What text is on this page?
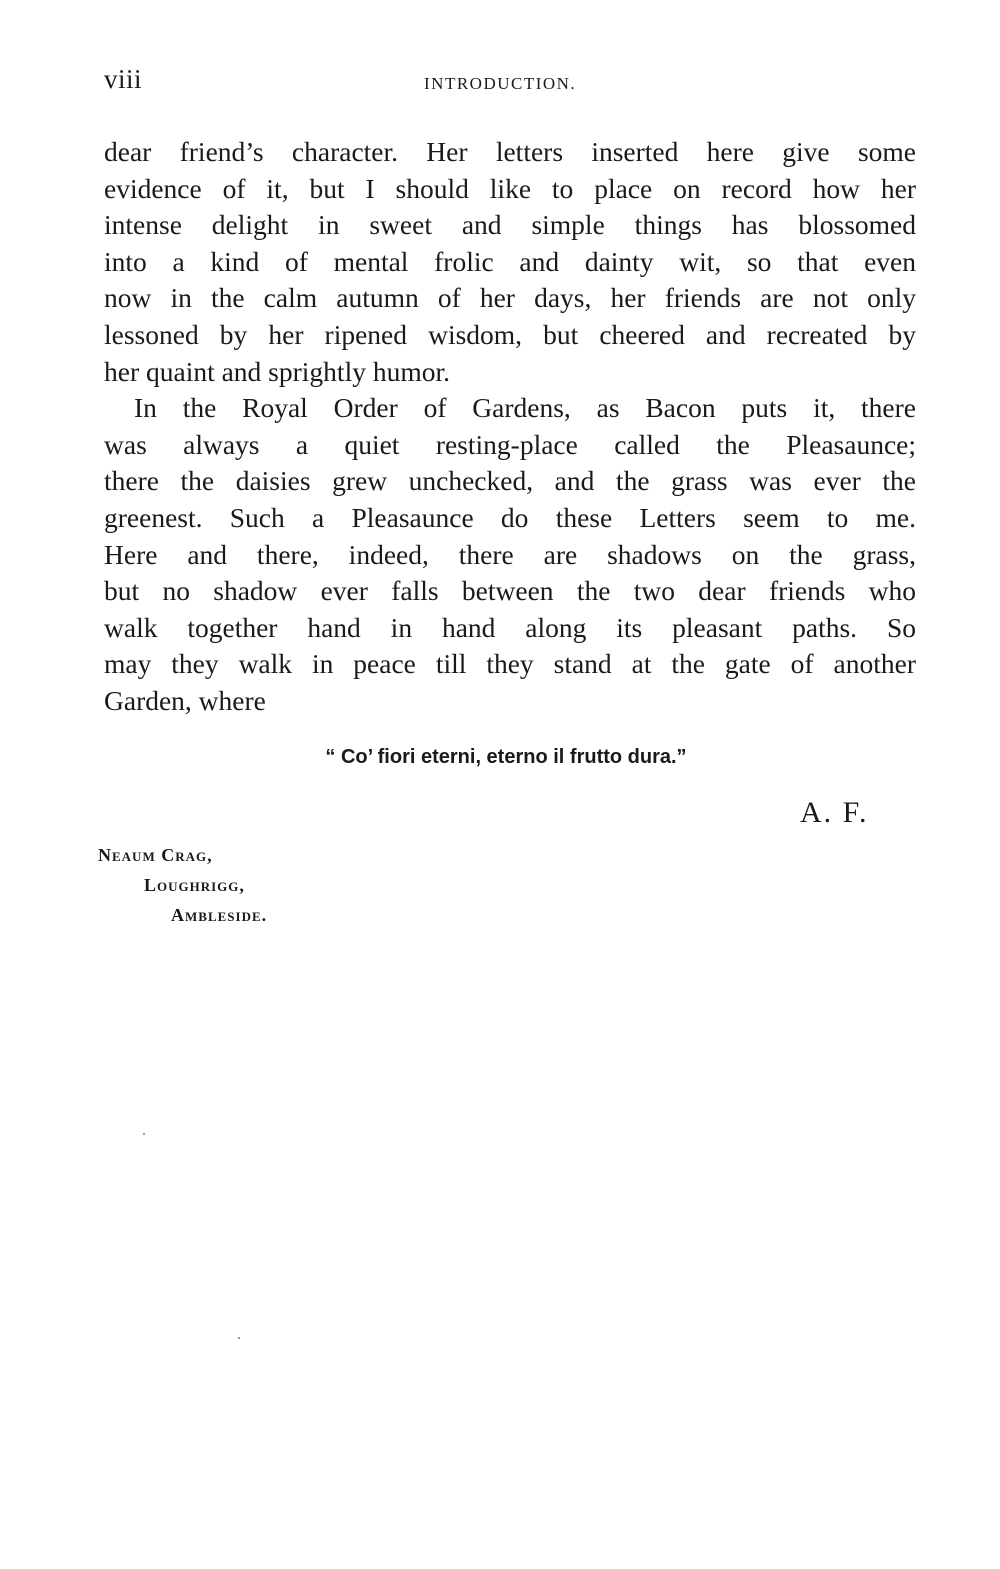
viii	INTRODUCTION.

dear friend’s character. Her letters inserted here give some
evidence of it, but I should like to place on record how her
intense delight in sweet and simple things has blossomed
into a kind of mental frolic and dainty wit, so that even
now in the calm autumn of her days, her friends are not only
lessoned by her ripened wisdom, but cheered and recreated by
her quaint and sprightly humor.

In the Royal Order of Gardens, as Bacon puts it, there
was always a quiet resting-place called the Pleasaunce;
there the daisies grew unchecked, and the grass was ever the
greenest. Such a Pleasaunce do these Letters seem to me.
Here and there, indeed, there are shadows on the grass,
but no shadow ever falls between the two dear friends who
walk together hand in hand along its pleasant paths. So
may they walk in peace till they stand at the gate of another
Garden, where

“ Co’ fiori eterni, eterno il frutto dura.”
A. F.
Neaum Crag,
Loughrigg,
Ambleside.
